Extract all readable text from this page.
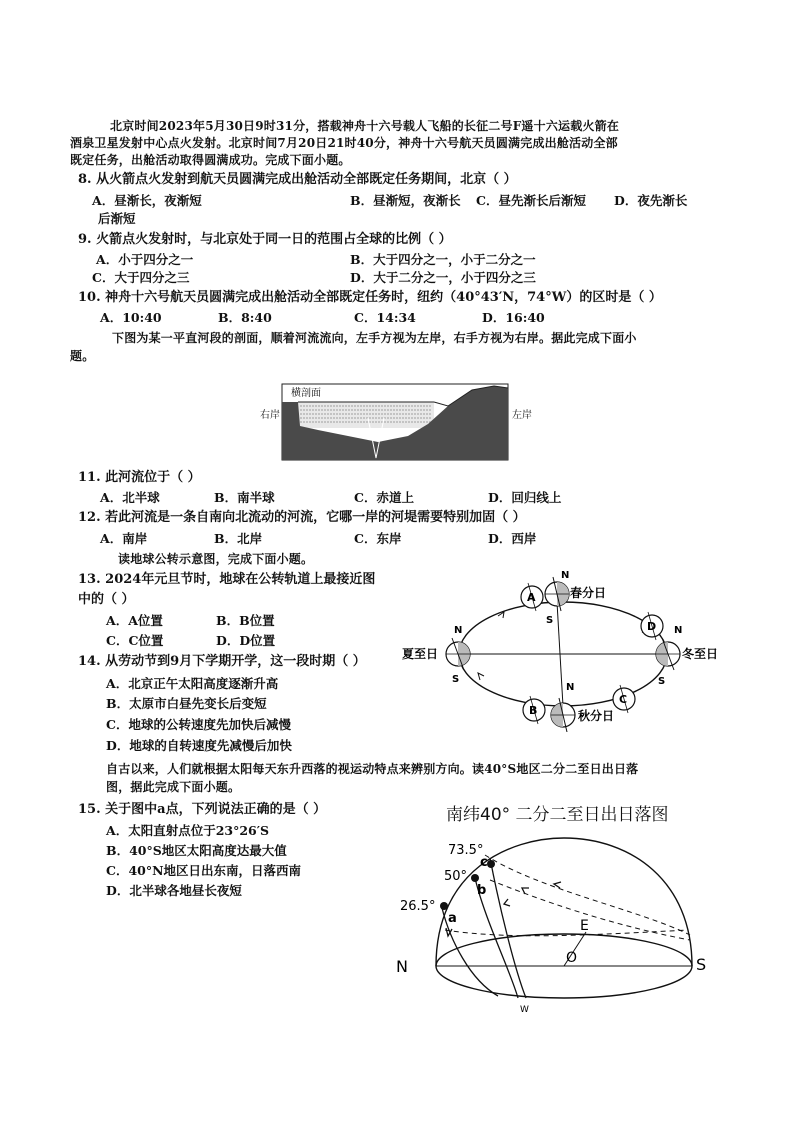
北京时间2023年5月30日9时31分，搭载神舟十六号载人飞船的长征二号F遥十六运载火箭在
酒泉卫星发射中心点火发射。北京时间7月20日21时40分，神舟十六号航天员圆满完成出舱活动全部
既定任务，出舱活动取得圆满成功。完成下面小题。
8. 从火箭点火发射到航天员圆满完成出舱活动全部既定任务期间，北京（ ）
A．昼渐长，夜渐短	B．昼渐短，夜渐长 C．昼先渐长后渐短 D．夜先渐长
后渐短
9. 火箭点火发射时，与北京处于同一日的范围占全球的比例（ ）
A．小于四分之一	B．大于四分之一，小于二分之一
C．大于四分之三	D．大于二分之一，小于四分之三
10. 神舟十六号航天员圆满完成出舱活动全部既定任务时，纽约（40°43′N，74°W）的区时是（ ）
A．10:40	B．8:40	C．14:34	D．16:40
下图为某一平直河段的剖面，顺着河流流向，左手方视为左岸，右手方视为右岸。据此完成下面小
题。
横剖面
右岸	左岸
11. 此河流位于（ ）
A．北半球	B．南半球	C．赤道上	D．回归线上
12. 若此河流是一条自南向北流动的河流，它哪一岸的河堤需要特别加固（ ）
A．南岸	B．北岸	C．东岸	D．西岸
读地球公转示意图，完成下面小题。
13. 2024年元旦节时，地球在公转轨道上最接近图
中的（ ）
A．A位置	B．B位置
C．C位置	D．D位置
14. 从劳动节到9月下学期开学，这一段时期（ ）
A．北京正午太阳高度逐渐升高
B．太原市白昼先变长后变短
C．地球的公转速度先加快后减慢
D．地球的自转速度先减慢后加快
N
S
春分日
N
S
夏至日
N
S
冬至日
N
秋分日
A
D
B
C
自古以来，人们就根据太阳每天东升西落的视运动特点来辨别方向。读40°S地区二分二至日出日落
图，据此完成下面小题。
15. 关于图中a点，下列说法正确的是（ ）
A．太阳直射点位于23°26′S
B．40°S地区太阳高度达最大值
C．40°N地区日出东南，日落西南
D．北半球各地昼长夜短
南纬40° 二分二至日出日落图
26.5°
50°
73.5°
a
b
c
E
O
N	S
W
